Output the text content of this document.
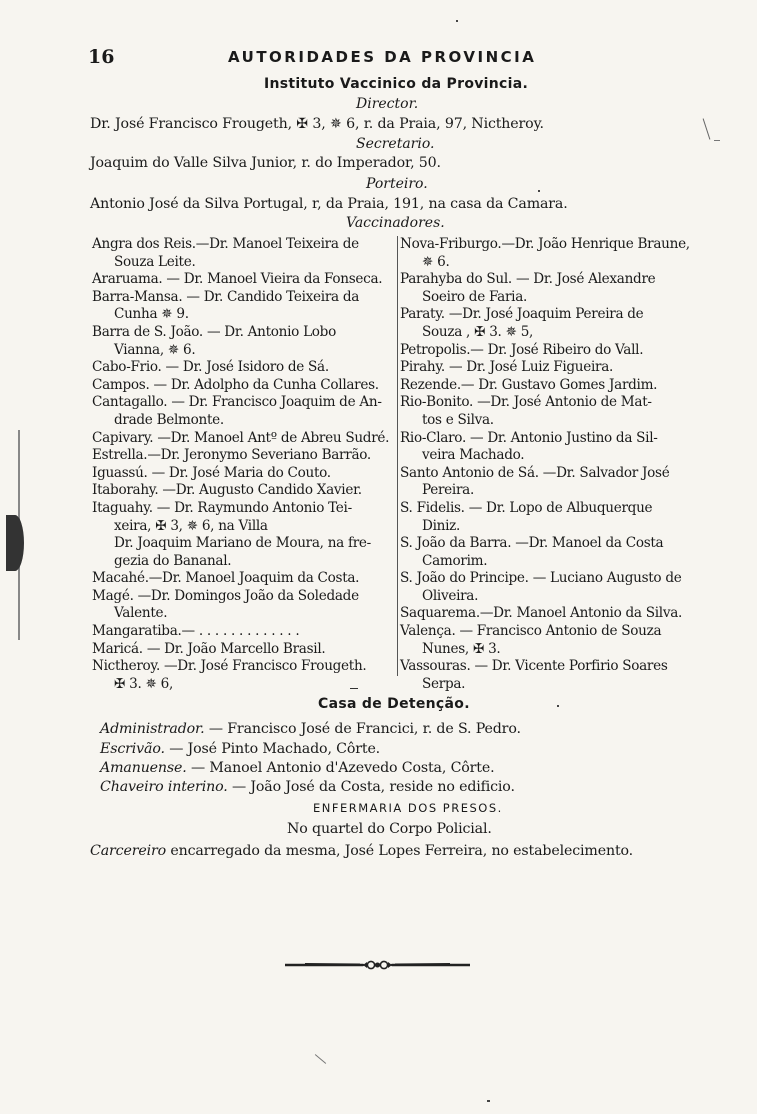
16	AUTORIDADES DA PROVINCIA
Instituto Vaccinico da Provincia.
Director.
Dr. José Francisco Frougeth, ✠ 3, ✵ 6, r. da Praia, 97, Nictheroy.
Secretario.
Joaquim do Valle Silva Junior, r. do Imperador, 50.
Porteiro.
Antonio José da Silva Portugal, r, da Praia, 191, na casa da Camara.
Vaccinadores.
Angra dos Reis.—Dr. Manoel Teixeira de
Souza Leite.
Araruama. — Dr. Manoel Vieira da Fonseca.
Barra-Mansa. — Dr. Candido Teixeira da
Cunha ✵ 9.
Barra de S. João. — Dr. Antonio Lobo
Vianna, ✵ 6.
Cabo-Frio. — Dr. José Isidoro de Sá.
Campos. — Dr. Adolpho da Cunha Collares.
Cantagallo. — Dr. Francisco Joaquim de An-
drade Belmonte.
Capivary. —Dr. Manoel Antº de Abreu Sudré.
Estrella.—Dr. Jeronymo Severiano Barrão.
Iguassú. — Dr. José Maria do Couto.
Itaborahy. —Dr. Augusto Candido Xavier.
Itaguahy. — Dr. Raymundo Antonio Tei-
xeira, ✠ 3, ✵ 6, na Villa
Dr. Joaquim Mariano de Moura, na fre-
gezia do Bananal.
Macahé.—Dr. Manoel Joaquim da Costa.
Magé. —Dr. Domingos João da Soledade
Valente.
Mangaratiba.— . . . . . . . . . . . . .
Maricá. — Dr. João Marcello Brasil.
Nictheroy. —Dr. José Francisco Frougeth.
✠ 3. ✵ 6,
Nova-Friburgo.—Dr. João Henrique Braune,
✵ 6.
Parahyba do Sul. — Dr. José Alexandre
Soeiro de Faria.
Paraty. —Dr. José Joaquim Pereira de
Souza , ✠ 3. ✵ 5,
Petropolis.— Dr. José Ribeiro do Vall.
Pirahy. — Dr. José Luiz Figueira.
Rezende.— Dr. Gustavo Gomes Jardim.
Rio-Bonito. —Dr. José Antonio de Mat-
tos e Silva.
Rio-Claro. — Dr. Antonio Justino da Sil-
veira Machado.
Santo Antonio de Sá. —Dr. Salvador José
Pereira.
S. Fidelis. — Dr. Lopo de Albuquerque
Diniz.
S. João da Barra. —Dr. Manoel da Costa
Camorim.
S. João do Principe. — Luciano Augusto de
Oliveira.
Saquarema.—Dr. Manoel Antonio da Silva.
Valença. — Francisco Antonio de Souza
Nunes, ✠ 3.
Vassouras. — Dr. Vicente Porfirio Soares
Serpa.
Casa de Detenção.
Administrador. — Francisco José de Francici, r. de S. Pedro.
Escrivão. — José Pinto Machado, Côrte.
Amanuense. — Manoel Antonio d'Azevedo Costa, Côrte.
Chaveiro interino. — João José da Costa, reside no edificio.
ENFERMARIA DOS PRESOS.
No quartel do Corpo Policial.
Carcereiro encarregado da mesma, José Lopes Ferreira, no estabelecimento.
